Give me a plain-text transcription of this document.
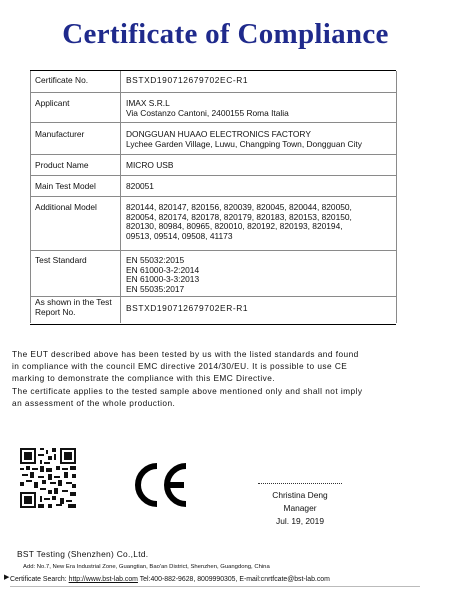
Certificate of Compliance
Certificate No.	BSTXD190712679702EC-R1
Applicant	IMAX S.R.L
Via Costanzo Cantoni, 2400155 Roma Italia
Manufacturer	DONGGUAN HUAAO ELECTRONICS FACTORY
Lychee Garden Village, Luwu, Changping Town, Dongguan City
Product Name	MICRO USB
Main Test Model	820051
Additional Model	820144, 820147, 820156, 820039, 820045, 820044, 820050,
820054, 820174, 820178, 820179, 820183, 820153, 820150,
820130, 80984, 80965, 820010, 820192, 820193, 820194,
09513, 09514, 09508, 41173
Test Standard	EN 55032:2015
EN 61000-3-2:2014
EN 61000-3-3:2013
EN 55035:2017
As shown in the Test Report No.	BSTXD190712679702ER-R1
The EUT described above has been tested by us with the listed standards and found
in compliance with the council EMC directive 2014/30/EU. It is possible to use CE
marking to demonstrate the compliance with this EMC Directive.
The certificate applies to the tested sample above mentioned only and shall not imply
an assessment of the whole production.
Christina Deng
Manager
Jul. 19, 2019
BST Testing (Shenzhen) Co.,Ltd.
Add: No.7, New Era Industrial Zone, Guangtian, Bao'an District, Shenzhen, Guangdong, China
▶ Certificate Search: http://www.bst-lab.com Tel:400-882-9628, 8009990305, E-mail:cnrtfcate@bst-lab.com
